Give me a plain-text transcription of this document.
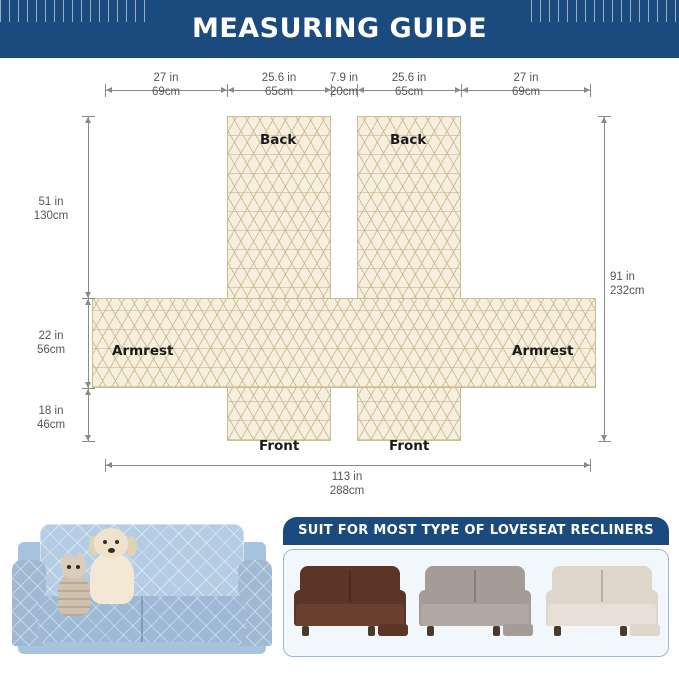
MEASURING GUIDE
Back	Back
Front	Front
Armrest	Armrest
27 in
69cm
25.6 in
65cm
7.9 in
20cm
25.6 in
65cm
27 in
69cm
51 in
130cm
22 in
56cm
18 in
46cm
91 in
232cm
113 in
288cm
SUIT FOR MOST TYPE OF LOVESEAT RECLINERS
